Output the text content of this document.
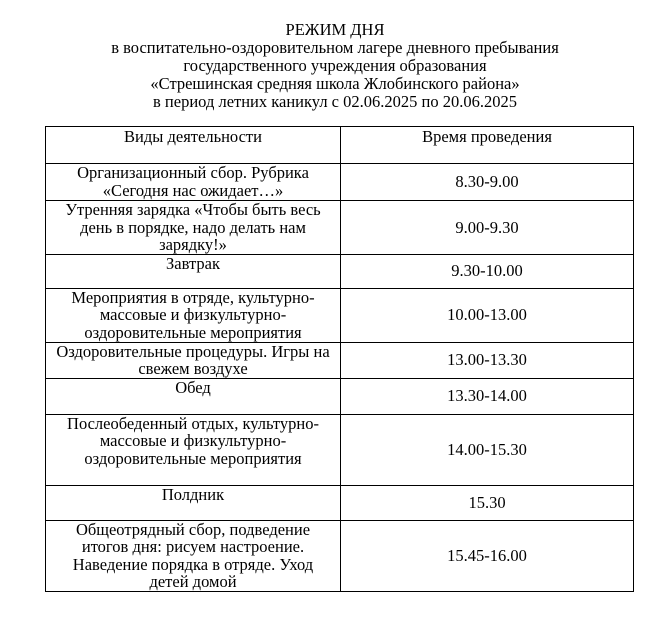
РЕЖИМ ДНЯ
в воспитательно-оздоровительном лагере дневного пребывания
государственного учреждения образования
«Стрешинская средняя школа Жлобинского района»
в период летних каникул с 02.06.2025 по 20.06.2025
Виды деятельности	Время проведения
Организационный сбор. Рубрика «Сегодня нас ожидает…»	8.30-9.00
Утренняя зарядка «Чтобы быть весь день в порядке, надо делать нам зарядку!»	9.00-9.30
Завтрак	9.30-10.00
Мероприятия в отряде, культурно-массовые и физкультурно-оздоровительные мероприятия	10.00-13.00
Оздоровительные процедуры. Игры на свежем воздухе	13.00-13.30
Обед	13.30-14.00
Послеобеденный отдых, культурно-массовые и физкультурно-оздоровительные мероприятия	14.00-15.30
Полдник	15.30
Общеотрядный сбор, подведение итогов дня: рисуем настроение. Наведение порядка в отряде. Уход детей домой	15.45-16.00
